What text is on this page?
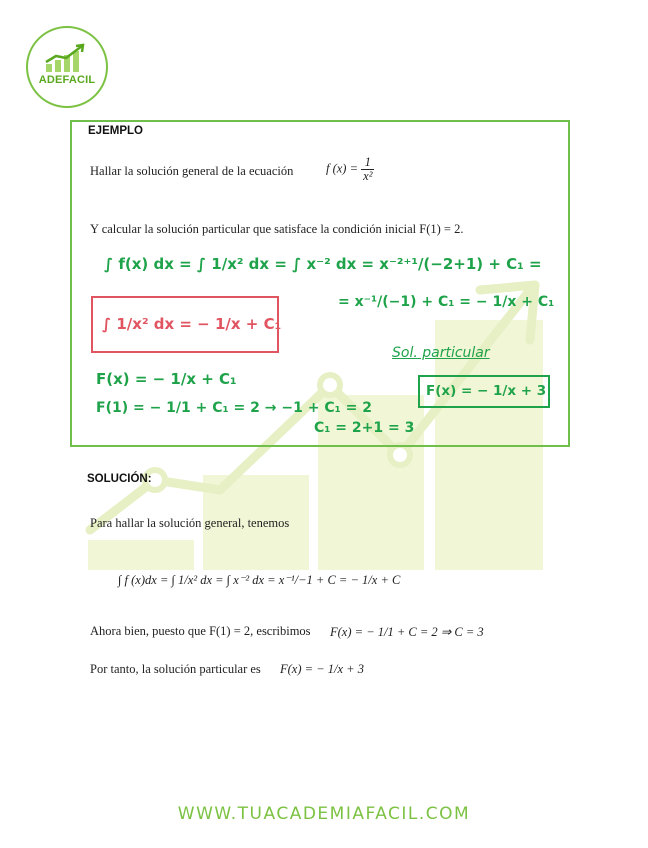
ADEFACIL
EJEMPLO
Hallar la solución general de la ecuación	f $(x) = \frac{1}{\text{x²}}$
Y calcular la solución particular que satisface la condición inicial F(1) = 2.
∫ f(x) dx = ∫ 1/x² dx = ∫ x⁻² dx = x⁻²⁺¹/(−2+1) + C₁ =
= x⁻¹/(−1) + C₁ = − 1/x + C₁
∫ 1/x² dx = − 1/x + C₁
Sol. particular
F(x) = − 1/x + C₁
F(x) = − 1/x + 3
F(1) = − 1/1 + C₁ = 2 → −1 + C₁ = 2
C₁ = 2+1 = 3
SOLUCIÓN:
Para hallar la solución general, tenemos
∫ f (x)dx = ∫ 1/x² dx = ∫ x⁻² dx = x⁻¹/−1 + C = − 1/x + C
Ahora bien, puesto que F(1) = 2, escribimos F(x) = − 1/1 + C = 2 ⇒ C = 3
Por tanto, la solución particular es F(x) = − 1/x + 3
WWW.TUACADEMIAFACIL.COM
